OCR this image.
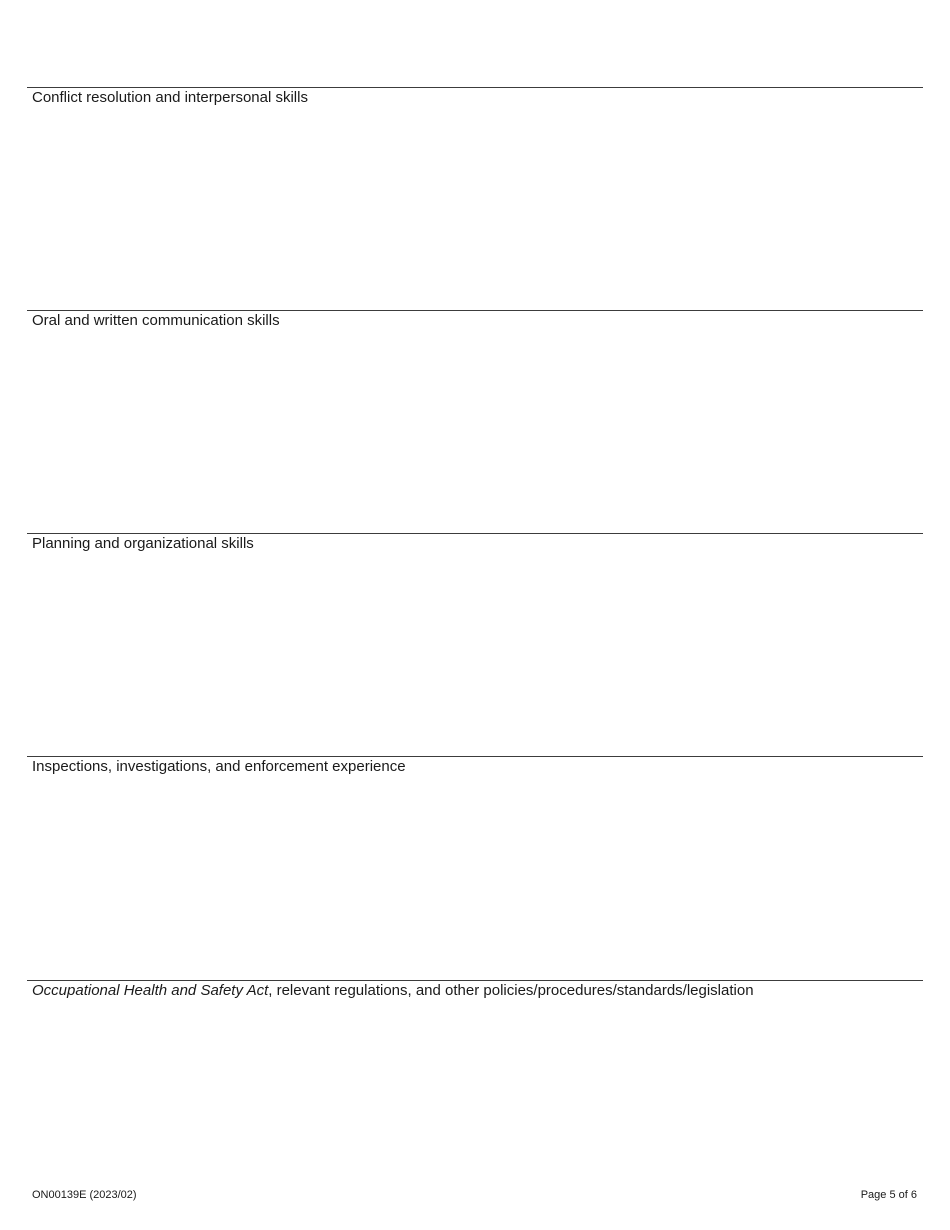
Conflict resolution and interpersonal skills
Oral and written communication skills
Planning and organizational skills
Inspections, investigations, and enforcement experience
Occupational Health and Safety Act, relevant regulations, and other policies/procedures/standards/legislation
ON00139E (2023/02)	Page 5 of 6
